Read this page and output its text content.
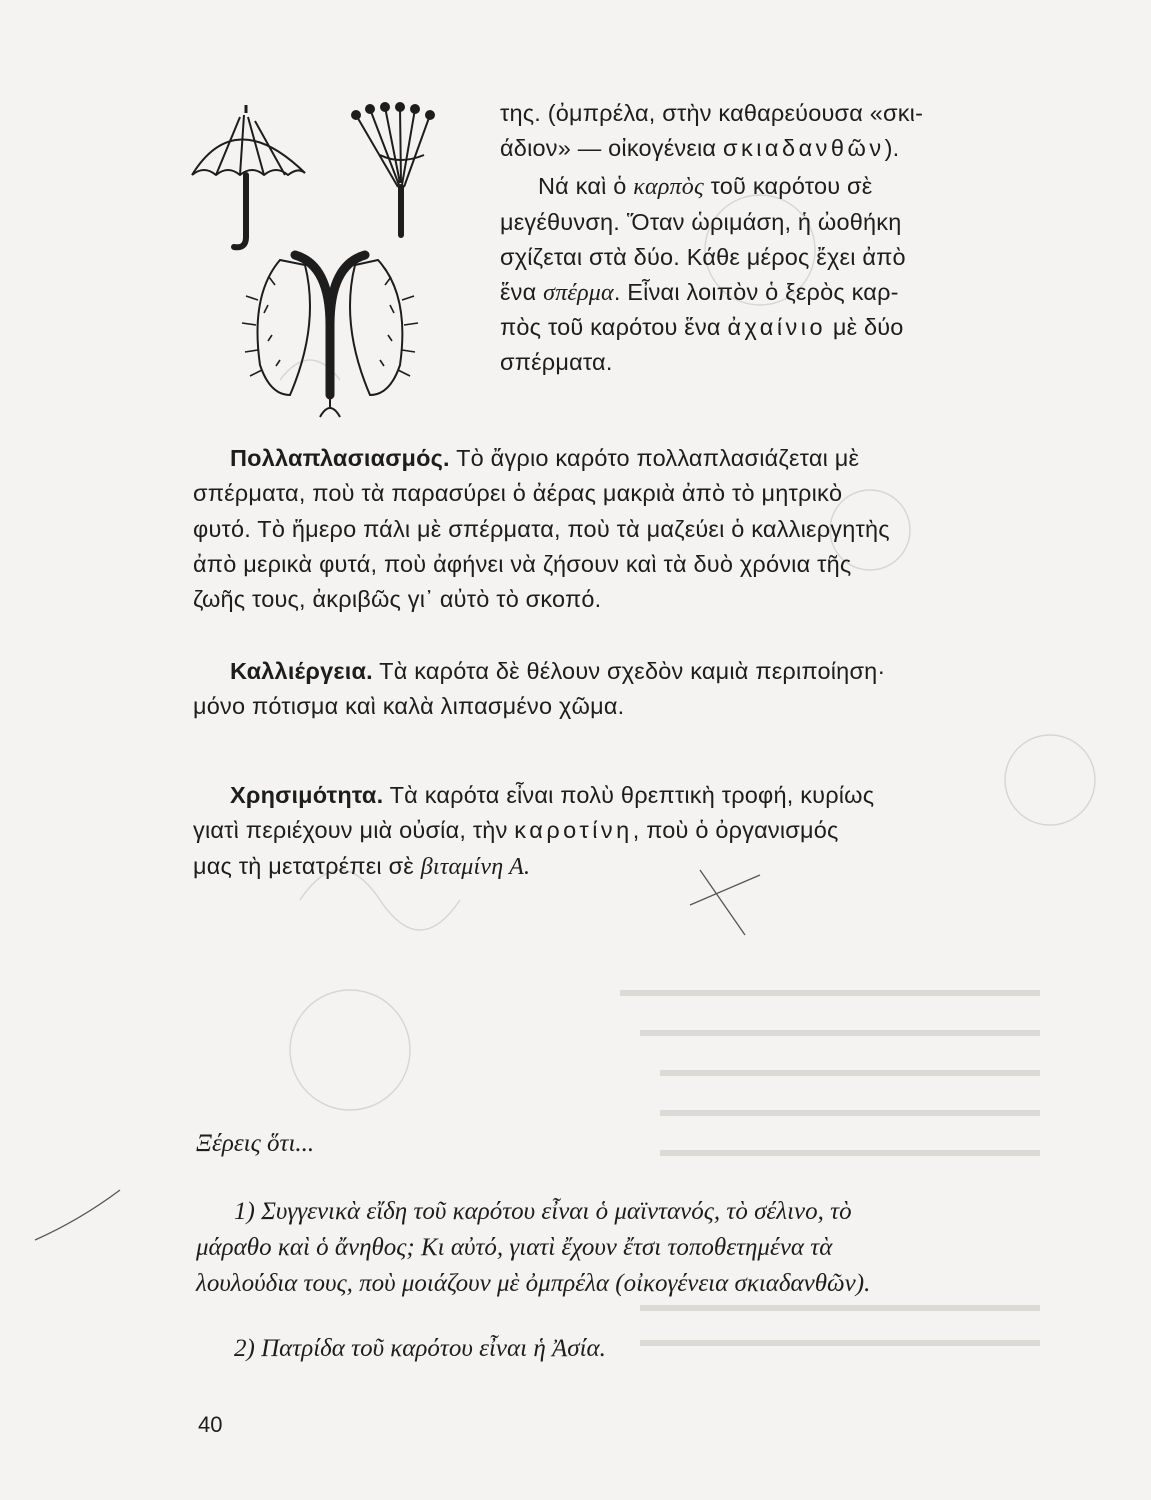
της. (ὀμπρέλα, στὴν καθαρεύουσα «σκι-
άδιον» — οἰκογένεια σκιαδανθῶν).
Νά καὶ ὁ καρπὸς τοῦ καρότου σὲ
μεγέθυνση. Ὅταν ὡριμάση, ἡ ὠοθήκη
σχίζεται στὰ δύο. Κάθε μέρος ἔχει ἀπὸ
ἕνα σπέρμα. Εἶναι λοιπὸν ὁ ξερὸς καρ-
πὸς τοῦ καρότου ἕνα ἀχαίνιο μὲ δύο
σπέρματα.
Πολλαπλασιασμός. Τὸ ἄγριο καρότο πολλαπλασιάζεται μὲ
σπέρματα, ποὺ τὰ παρασύρει ὁ ἀέρας μακριὰ ἀπὸ τὸ μητρικὸ
φυτό. Τὸ ἥμερο πάλι μὲ σπέρματα, ποὺ τὰ μαζεύει ὁ καλλιεργητὴς
ἀπὸ μερικὰ φυτά, ποὺ ἀφήνει νὰ ζήσουν καὶ τὰ δυὸ χρόνια τῆς
ζωῆς τους, ἀκριβῶς γι᾽ αὐτὸ τὸ σκοπό.
Καλλιέργεια. Τὰ καρότα δὲ θέλουν σχεδὸν καμιὰ περιποίηση·
μόνο πότισμα καὶ καλὰ λιπασμένο χῶμα.
Χρησιμότητα. Τὰ καρότα εἶναι πολὺ θρεπτικὴ τροφή, κυρίως
γιατὶ περιέχουν μιὰ οὐσία, τὴν καροτίνη, ποὺ ὁ ὀργανισμός
μας τὴ μετατρέπει σὲ βιταμίνη Α.
Ξέρεις ὅτι...
1) Συγγενικὰ εἴδη τοῦ καρότου εἶναι ὁ μαϊντανός, τὸ σέλινο, τὸ
μάραθο καὶ ὁ ἄνηθος; Κι αὐτό, γιατὶ ἔχουν ἔτσι τοποθετημένα τὰ
λουλούδια τους, ποὺ μοιάζουν μὲ ὀμπρέλα (οἰκογένεια σκιαδανθῶν).
2) Πατρίδα τοῦ καρότου εἶναι ἡ Ἀσία.
40
